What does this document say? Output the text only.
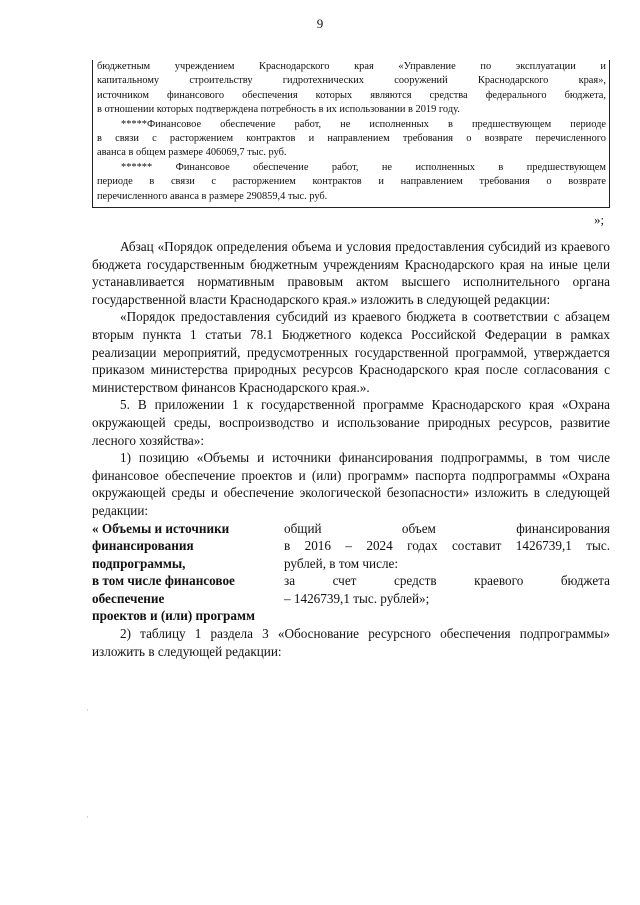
9

бюджетным учреждением Краснодарского края «Управление по эксплуатации и

капитальному строительству гидротехнических сооружений Краснодарского края»,

источником финансового обеспечения которых являются средства федерального бюджета,

в отношении которых подтверждена потребность в их использовании в 2019 году.

*****Финансовое обеспечение работ, не исполненных в предшествующем периоде

в связи с расторжением контрактов и направлением требования о возврате перечисленного

аванса в общем размере 406069,7 тыс. руб.

****** Финансовое обеспечение работ, не исполненных в предшествующем

периоде в связи с расторжением контрактов и направлением требования о возврате

перечисленного аванса в размере 290859,4 тыс. руб.

»;

Абзац «Порядок определения объема и условия предоставления субсидий из краевого бюджета государственным бюджетным учреждениям Краснодарского края на иные цели устанавливается нормативным правовым актом высшего исполнительного органа государственной власти Краснодарского края.» изложить в следующей редакции:

«Порядок предоставления субсидий из краевого бюджета в соответствии с абзацем вторым пункта 1 статьи 78.1 Бюджетного кодекса Российской Федерации в рамках реализации мероприятий, предусмотренных государственной программой, утверждается приказом министерства природных ресурсов Краснодарского края после согласования с министерством финансов Краснодарского края.».

5. В приложении 1 к государственной программе Краснодарского края «Охрана окружающей среды, воспроизводство и использование природных ресурсов, развитие лесного хозяйства»:

1) позицию «Объемы и источники финансирования подпрограммы, в том числе финансовое обеспечение проектов и (или) программ» паспорта подпрограммы «Охрана окружающей среды и обеспечение экологической безопасности» изложить в следующей редакции:

« Объемы и источники
финансирования
подпрограммы,
в том числе финансовое
обеспечение
проектов и (или) программ
общий объем финансирования
в 2016 – 2024 годах составит 1426739,1 тыс.
рублей, в том числе:
за счет средств краевого бюджета
– 1426739,1 тыс. рублей»;

2) таблицу 1 раздела 3 «Обоснование ресурсного обеспечения подпрограммы» изложить в следующей редакции:

·
·
